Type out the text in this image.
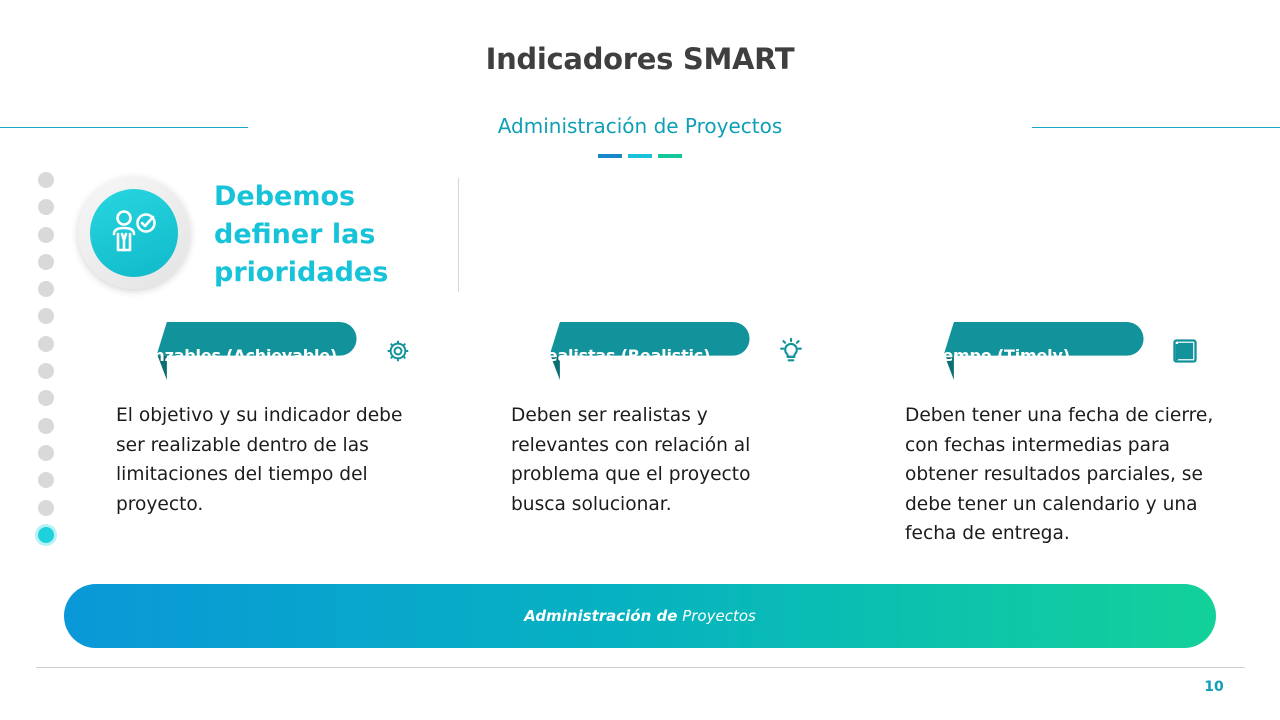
Indicadores SMART

Administración de Proyectos

Debemos definer las prioridades
A: Alcanzables (Achievable)

El objetivo y su indicador debe ser realizable dentro de las limitaciones del tiempo del proyecto.

R: Realistas (Realistic)

Deben ser realistas y relevantes con relación al problema que el proyecto busca solucionar.

T: Tiempo (Timely)

Deben tener una fecha de cierre, con fechas intermedias para obtener resultados parciales, se debe tener un calendario y una fecha de entrega.

Administración de Proyectos
10
